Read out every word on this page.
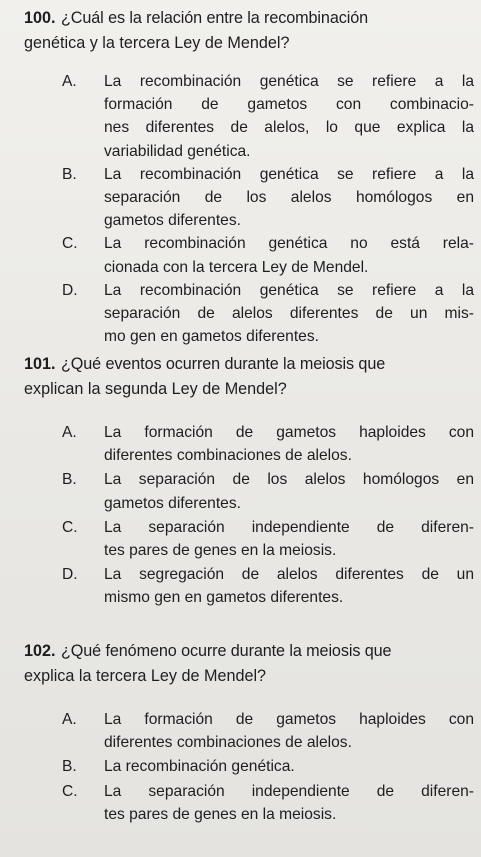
100. ¿Cuál es la relación entre la recombinación
genética y la tercera Ley de Mendel?
A. La recombinación genética se refiere a la
formación de gametos con combinacio-
nes diferentes de alelos, lo que explica la
variabilidad genética.
B. La recombinación genética se refiere a la
separación de los alelos homólogos en
gametos diferentes.
C. La recombinación genética no está rela-
cionada con la tercera Ley de Mendel.
D. La recombinación genética se refiere a la
separación de alelos diferentes de un mis-
mo gen en gametos diferentes.
101. ¿Qué eventos ocurren durante la meiosis que
explican la segunda Ley de Mendel?
A. La formación de gametos haploides con
diferentes combinaciones de alelos.
B. La separación de los alelos homólogos en
gametos diferentes.
C. La separación independiente de diferen-
tes pares de genes en la meiosis.
D. La segregación de alelos diferentes de un
mismo gen en gametos diferentes.
102. ¿Qué fenómeno ocurre durante la meiosis que
explica la tercera Ley de Mendel?
A. La formación de gametos haploides con
diferentes combinaciones de alelos.
B. La recombinación genética.
C. La separación independiente de diferen-
tes pares de genes en la meiosis.
